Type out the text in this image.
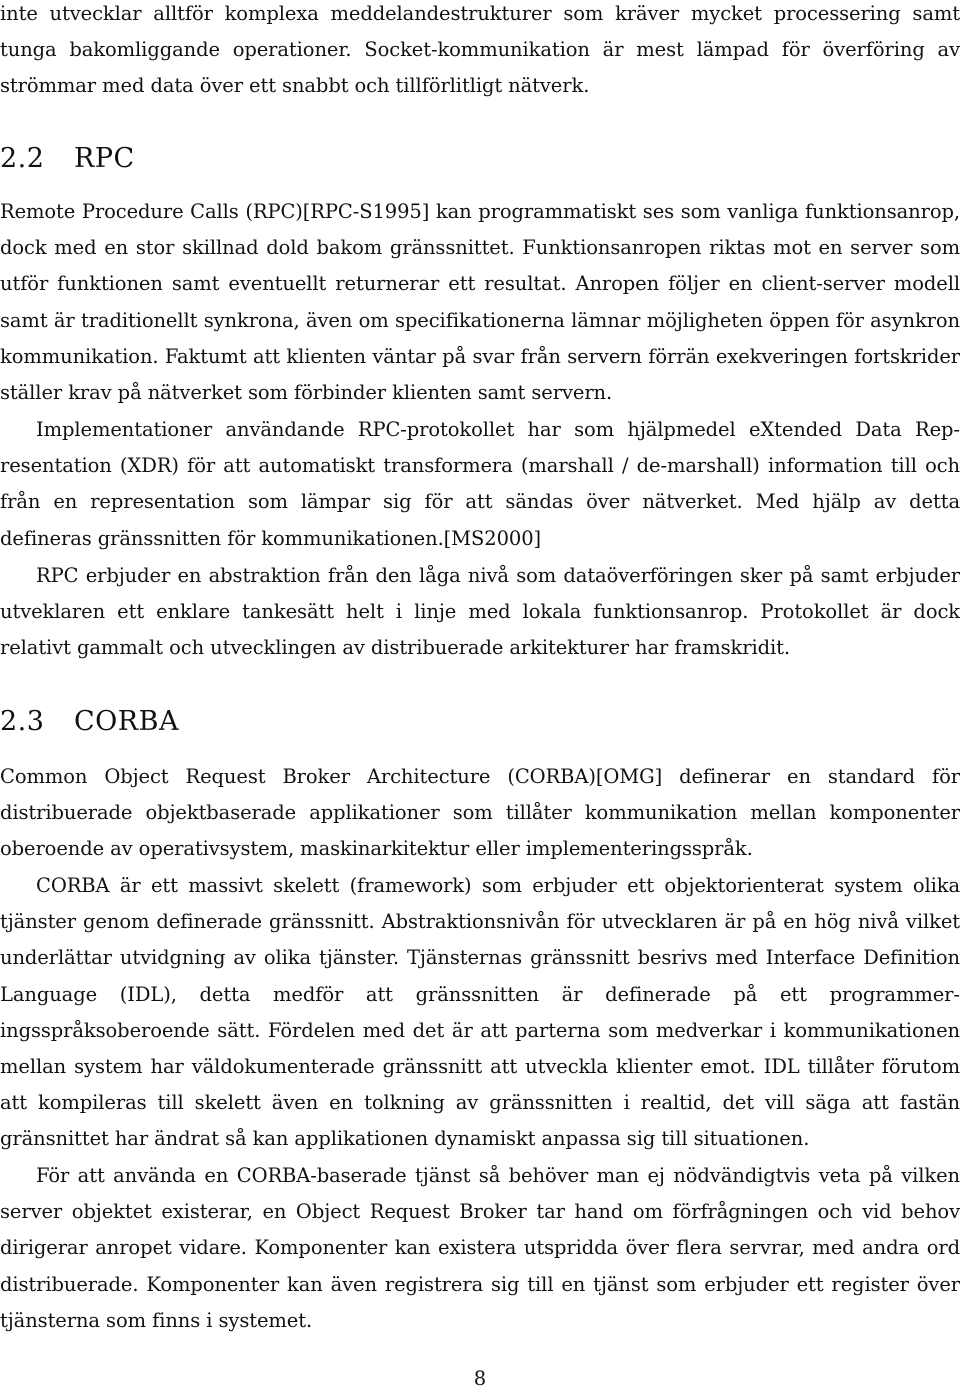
inte utvecklar alltför komplexa meddelandestrukturer som kräver mycket processering samt tunga bakomliggande operationer. Socket-kommunikation är mest lämpad för överföring av strömmar med data över ett snabbt och tillförlitligt nätverk.

2.2 RPC

Remote Procedure Calls (RPC)[RPC-S1995] kan programmatiskt ses som vanliga funktionsanrop, dock med en stor skillnad dold bakom gränssnittet. Funktionsanropen riktas mot en server som utför funktionen samt eventuellt returnerar ett resultat. Anropen följer en client-server modell samt är traditionellt synkrona, även om specifikationerna lämnar möjligheten öppen för asynkron kommunikation. Faktumt att klienten väntar på svar från servern förrän exekveringen fortskrider ställer krav på nätverket som förbinder klienten samt servern.

Implementationer användande RPC-protokollet har som hjälpmedel eXtended Data Representation (XDR) för att automatiskt transformera (marshall / de-marshall) information till och från en representation som lämpar sig för att sändas över nätverket. Med hjälp av detta defineras gränssnitten för kommunikationen.[MS2000]

RPC erbjuder en abstraktion från den låga nivå som dataöverföringen sker på samt erbjuder utveklaren ett enklare tankesätt helt i linje med lokala funktionsanrop. Protokollet är dock relativt gammalt och utvecklingen av distribuerade arkitekturer har framskridit.

2.3 CORBA

Common Object Request Broker Architecture (CORBA)[OMG] definerar en standard för distribuerade objektbaserade applikationer som tillåter kommunikation mellan komponenter oberoende av operativsystem, maskinarkitektur eller implementeringsspråk.

CORBA är ett massivt skelett (framework) som erbjuder ett objektorienterat system olika tjänster genom definerade gränssnitt. Abstraktionsnivån för utvecklaren är på en hög nivå vilket underlättar utvidgning av olika tjänster. Tjänsternas gränssnitt besrivs med Interface Definition Language (IDL), detta medför att gränssnitten är definerade på ett programmeringsspråksoberoende sätt. Fördelen med det är att parterna som medverkar i kommunikationen mellan system har väldokumenterade gränssnitt att utveckla klienter emot. IDL tillåter förutom att kompileras till skelett även en tolkning av gränssnitten i realtid, det vill säga att fastän gränsnittet har ändrat så kan applikationen dynamiskt anpassa sig till situationen.

För att använda en CORBA-baserade tjänst så behöver man ej nödvändigtvis veta på vilken server objektet existerar, en Object Request Broker tar hand om förfrågningen och vid behov dirigerar anropet vidare. Komponenter kan existera utspridda över flera servrar, med andra ord distribuerade. Komponenter kan även registrera sig till en tjänst som erbjuder ett register över tjänsterna som finns i systemet.

8
